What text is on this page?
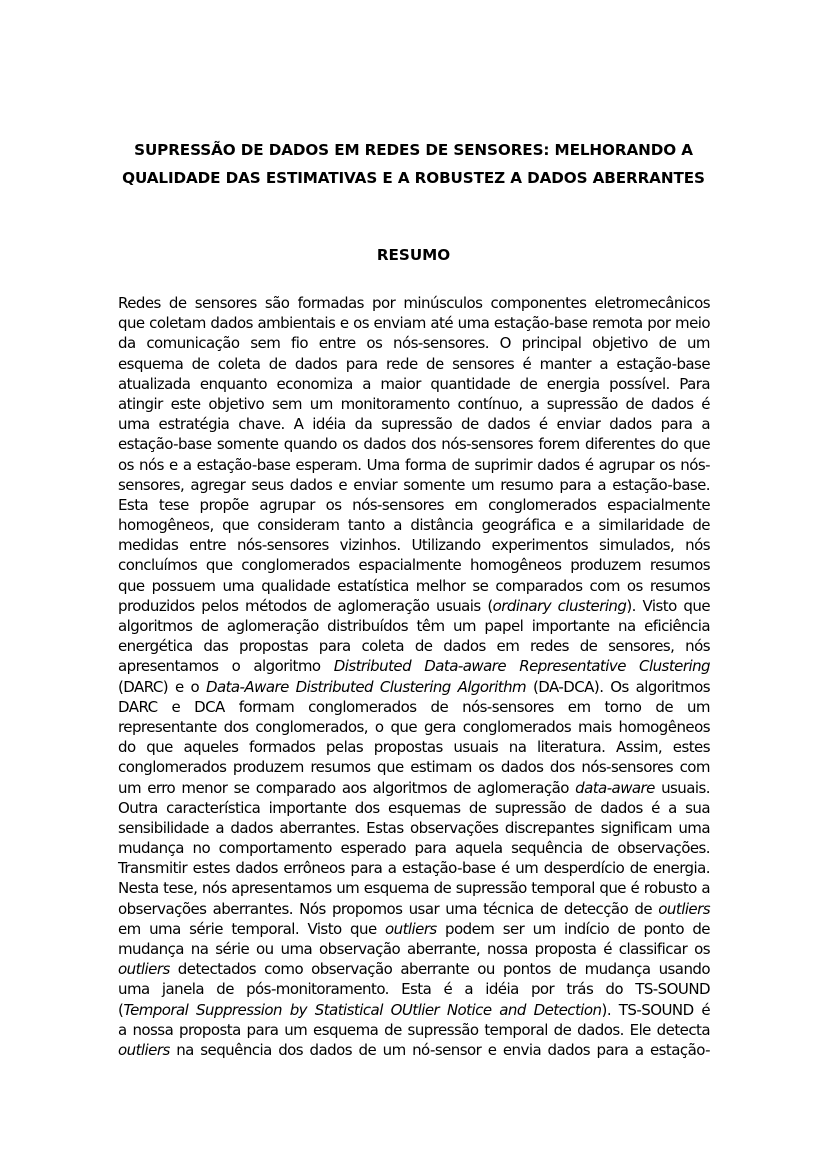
SUPRESSÃO DE DADOS EM REDES DE SENSORES: MELHORANDO A
QUALIDADE DAS ESTIMATIVAS E A ROBUSTEZ A DADOS ABERRANTES
RESUMO
Redes de sensores são formadas por minúsculos componentes eletromecânicos
que coletam dados ambientais e os enviam até uma estação-base remota por meio
da comunicação sem fio entre os nós-sensores. O principal objetivo de um
esquema de coleta de dados para rede de sensores é manter a estação-base
atualizada enquanto economiza a maior quantidade de energia possível. Para
atingir este objetivo sem um monitoramento contínuo, a supressão de dados é
uma estratégia chave. A idéia da supressão de dados é enviar dados para a
estação-base somente quando os dados dos nós-sensores forem diferentes do que
os nós e a estação-base esperam. Uma forma de suprimir dados é agrupar os nós-
sensores, agregar seus dados e enviar somente um resumo para a estação-base.
Esta tese propõe agrupar os nós-sensores em conglomerados espacialmente
homogêneos, que consideram tanto a distância geográfica e a similaridade de
medidas entre nós-sensores vizinhos. Utilizando experimentos simulados, nós
concluímos que conglomerados espacialmente homogêneos produzem resumos
que possuem uma qualidade estatística melhor se comparados com os resumos
produzidos pelos métodos de aglomeração usuais (ordinary clustering). Visto que
algoritmos de aglomeração distribuídos têm um papel importante na eficiência
energética das propostas para coleta de dados em redes de sensores, nós
apresentamos o algoritmo Distributed Data-aware Representative Clustering
(DARC) e o Data-Aware Distributed Clustering Algorithm (DA-DCA). Os algoritmos
DARC e DCA formam conglomerados de nós-sensores em torno de um
representante dos conglomerados, o que gera conglomerados mais homogêneos
do que aqueles formados pelas propostas usuais na literatura. Assim, estes
conglomerados produzem resumos que estimam os dados dos nós-sensores com
um erro menor se comparado aos algoritmos de aglomeração data-aware usuais.
Outra característica importante dos esquemas de supressão de dados é a sua
sensibilidade a dados aberrantes. Estas observações discrepantes significam uma
mudança no comportamento esperado para aquela sequência de observações.
Transmitir estes dados errôneos para a estação-base é um desperdício de energia.
Nesta tese, nós apresentamos um esquema de supressão temporal que é robusto a
observações aberrantes. Nós propomos usar uma técnica de detecção de outliers
em uma série temporal. Visto que outliers podem ser um indício de ponto de
mudança na série ou uma observação aberrante, nossa proposta é classificar os
outliers detectados como observação aberrante ou pontos de mudança usando
uma janela de pós-monitoramento. Esta é a idéia por trás do TS-SOUND
(Temporal Suppression by Statistical OUtlier Notice and Detection). TS-SOUND é
a nossa proposta para um esquema de supressão temporal de dados. Ele detecta
outliers na sequência dos dados de um nó-sensor e envia dados para a estação-
